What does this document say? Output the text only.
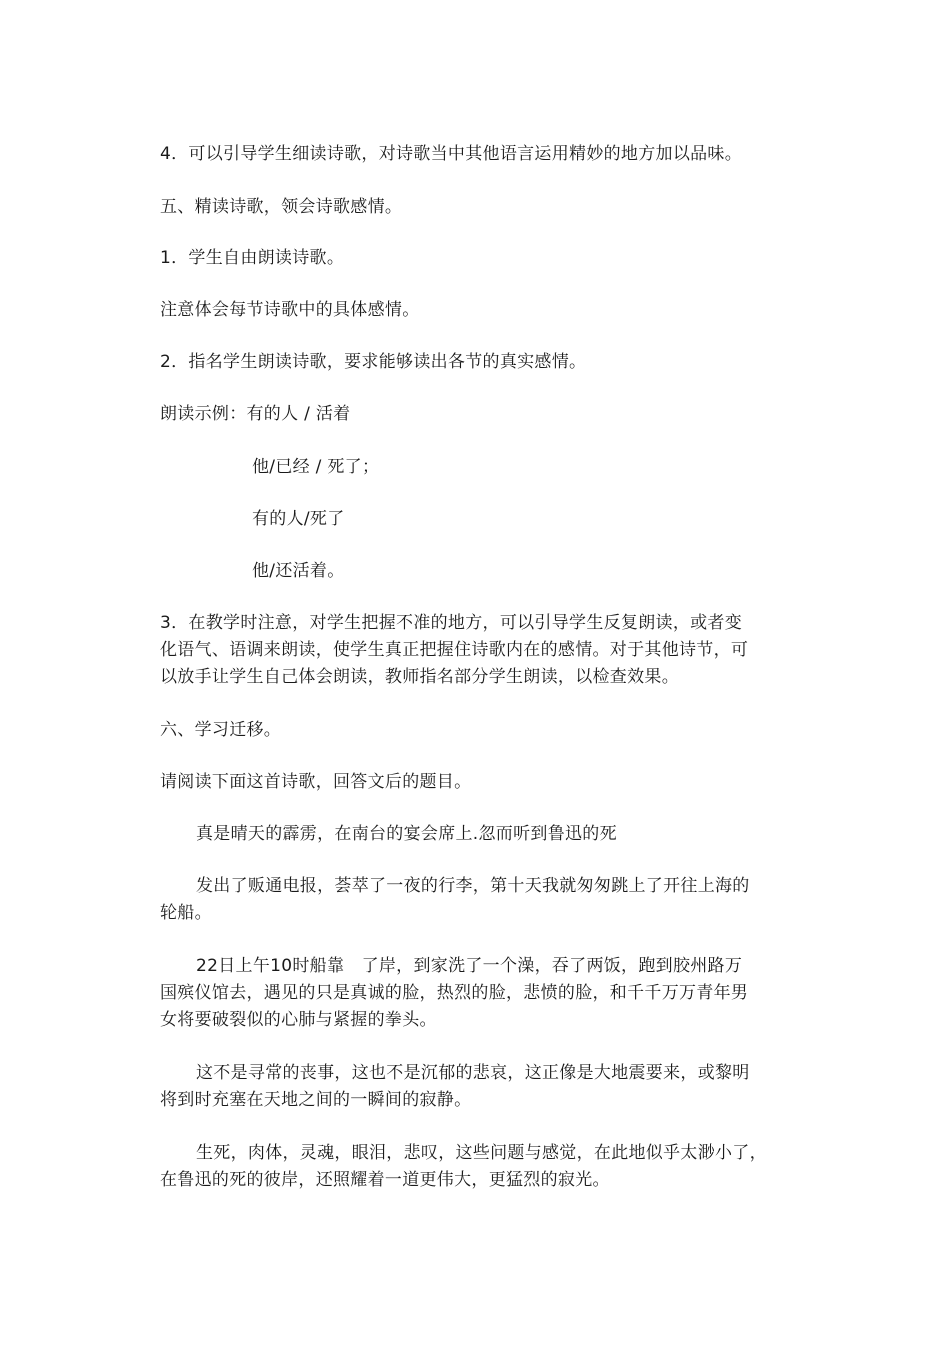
4．可以引导学生细读诗歌，对诗歌当中其他语言运用精妙的地方加以品味。
五、精读诗歌，领会诗歌感情。
1．学生自由朗读诗歌。
注意体会每节诗歌中的具体感情。
2．指名学生朗读诗歌，要求能够读出各节的真实感情。
朗读示例：有的人 / 活着
他/已经 / 死了；
有的人/死了
他/还活着。
3．在教学时注意，对学生把握不准的地方，可以引导学生反复朗读，或者变
化语气、语调来朗读，使学生真正把握住诗歌内在的感情。对于其他诗节，可
以放手让学生自己体会朗读，教师指名部分学生朗读，以检查效果。
六、学习迁移。
请阅读下面这首诗歌，回答文后的题目。
真是晴天的霹雳，在南台的宴会席上.忽而听到鲁迅的死
发出了贩通电报，荟萃了一夜的行李，第十天我就匆匆跳上了开往上海的
轮船。
22日上午10时船靠　了岸，到家洗了一个澡，吞了两饭，跑到胶州路万
国殡仪馆去，遇见的只是真诚的脸，热烈的脸，悲愤的脸，和千千万万青年男
女将要破裂似的心肺与紧握的拳头。
这不是寻常的丧事，这也不是沉郁的悲哀，这正像是大地震要来，或黎明
将到时充塞在天地之间的一瞬间的寂静。
生死，肉体，灵魂，眼泪，悲叹，这些问题与感觉，在此地似乎太渺小了，
在鲁迅的死的彼岸，还照耀着一道更伟大，更猛烈的寂光。
